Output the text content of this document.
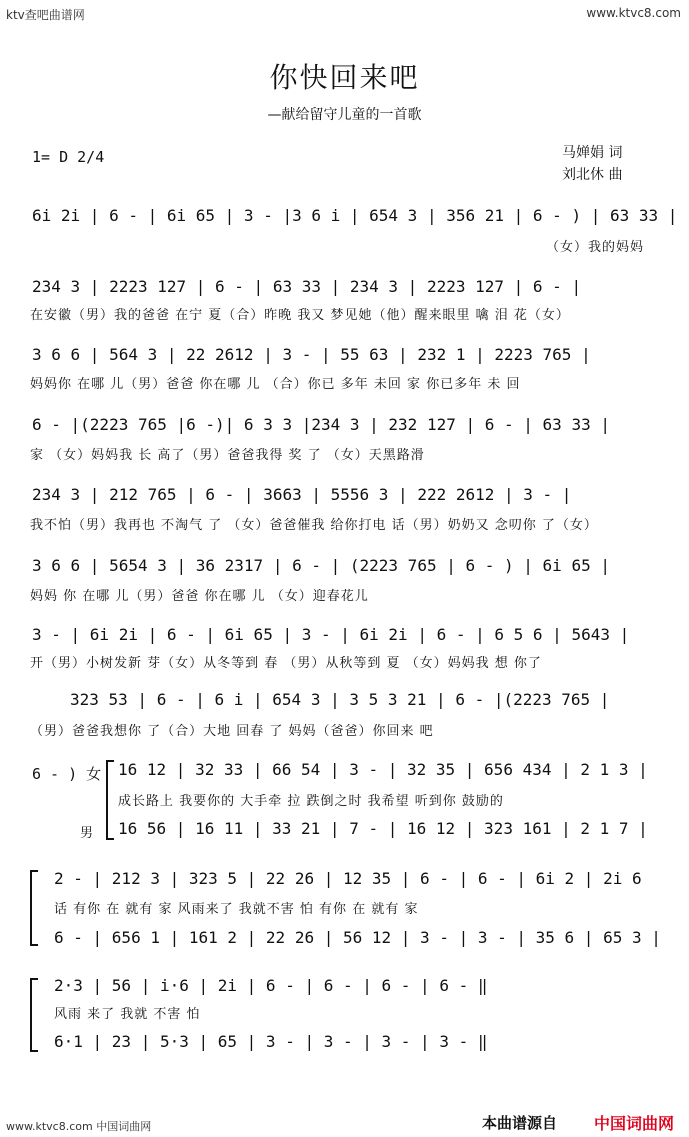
ktv查吧曲谱网	www.ktvc8.com
你快回来吧
—献给留守儿童的一首歌
1= D 2/4	马婵娟 词
刘北休 曲
6i 2i | 6 - | 6i 65 | 3 - |3 6 i | 654 3 | 356 21 | 6 - ) | 63 33 |
（女）我的妈妈
234 3 | 2223 127 | 6 - | 63 33 | 234 3 | 2223 127 | 6 - |
在安徽（男）我的爸爸 在宁 夏（合）昨晚 我又 梦见她（他）醒来眼里 噙 泪 花（女）
3 6 6 | 564 3 | 22 2612 | 3 - | 55 63 | 232 1 | 2223 765 |
妈妈你 在哪 儿（男）爸爸 你在哪 儿 （合）你已 多年 未回 家 你已多年 未 回
6 - |(2223 765 |6 -)| 6 3 3 |234 3 | 232 127 | 6 - | 63 33 |
家 （女）妈妈我 长 高了（男）爸爸我得 奖 了 （女）天黑路滑
234 3 | 212 765 | 6 - | 3663 | 5556 3 | 222 2612 | 3 - |
我不怕（男）我再也 不淘气 了 （女）爸爸催我 给你打电 话（男）奶奶又 念叨你 了（女）
3 6 6 | 5654 3 | 36 2317 | 6 - | (2223 765 | 6 - ) | 6i 65 |
妈妈 你 在哪 儿（男）爸爸 你在哪 儿 （女）迎春花儿
3 - | 6i 2i | 6 - | 6i 65 | 3 - | 6i 2i | 6 - | 6 5 6 | 5643 |
开（男）小树发新 芽（女）从冬等到 春 （男）从秋等到 夏 （女）妈妈我 想 你了
323 53 | 6 - | 6 i | 654 3 | 3 5 3 21 | 6 - |(2223 765 |
（男）爸爸我想你 了（合）大地 回春 了 妈妈（爸爸）你回来 吧
6 - ) 女 16 12 | 32 33 | 66 54 | 3 - | 32 35 | 656 434 | 2 1 3 |
成长路上 我要你的 大手牵 拉 跌倒之时 我希望 听到你 鼓励的
男 16 56 | 16 11 | 33 21 | 7 - | 16 12 | 323 161 | 2 1 7 |
2 - | 212 3 | 323 5 | 22 26 | 12 35 | 6 - | 6 - | 6i 2 | 2i 6
话 有你 在 就有 家 风雨来了 我就不害 怕 有你 在 就有 家
6 - | 656 1 | 161 2 | 22 26 | 56 12 | 3 - | 3 - | 35 6 | 65 3 |
2·3 | 56 | i·6 | 2i | 6 - | 6 - | 6 - | 6 - ‖
风雨 来了 我就 不害 怕
6·1 | 23 | 5·3 | 65 | 3 - | 3 - | 3 - | 3 - ‖
www.ktvc8.com 中国词曲网	本曲谱源自 中国词曲网
